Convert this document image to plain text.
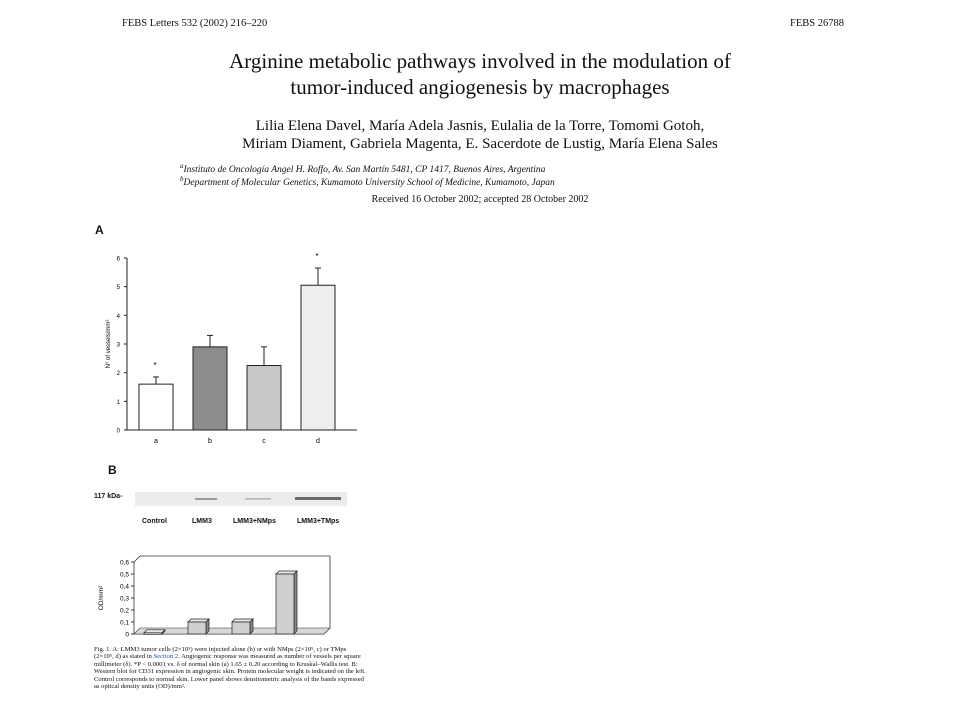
FEBS Letters 532 (2002) 216–220	FEBS 26788
Arginine metabolic pathways involved in the modulation of
tumor-induced angiogenesis by macrophages
Lilia Elena Davel, María Adela Jasnis, Eulalia de la Torre, Tomomi Gotoh,
Miriam Diament, Gabriela Magenta, E. Sacerdote de Lustig, María Elena Sales
$^a$Instituto de Oncología Angel H. Roffo, Av. San Martín 5481, CP 1417, Buenos Aires, Argentina
$^b$Department of Molecular Genetics, Kumamoto University School of Medicine, Kumamoto, Japan
Received 16 October 2002; accepted 28 October 2002
A
B
0
1
2
3
4
5
6
N° of vessels/mm²	*
a	b	c
*
d
117 kDa-
Control	LMM3	LMM3+NMps	LMM3+TMps
0
0,1
0,2
0,3
0,4
0,5
0,6
OD/mm²
Fig. 1. A: LMM3 tumor cells (2×10⁵) were injected alone (b) or with NMps (2×10⁵, c) or TMps (2×10⁵, d) as stated in Section 2. Angiogenic response was measured as number of vessels per square millimeter (δ). *P < 0.0001 vs. δ of normal skin (a) 1.65 ± 0.20 according to Kruskal–Wallis test. B: Western blot for CD31 expression in angiogenic skin. Protein molecular weight is indicated on the left. Control corresponds to normal skin. Lower panel shows densitometric analysis of the bands expressed as optical density units (OD)/mm².
